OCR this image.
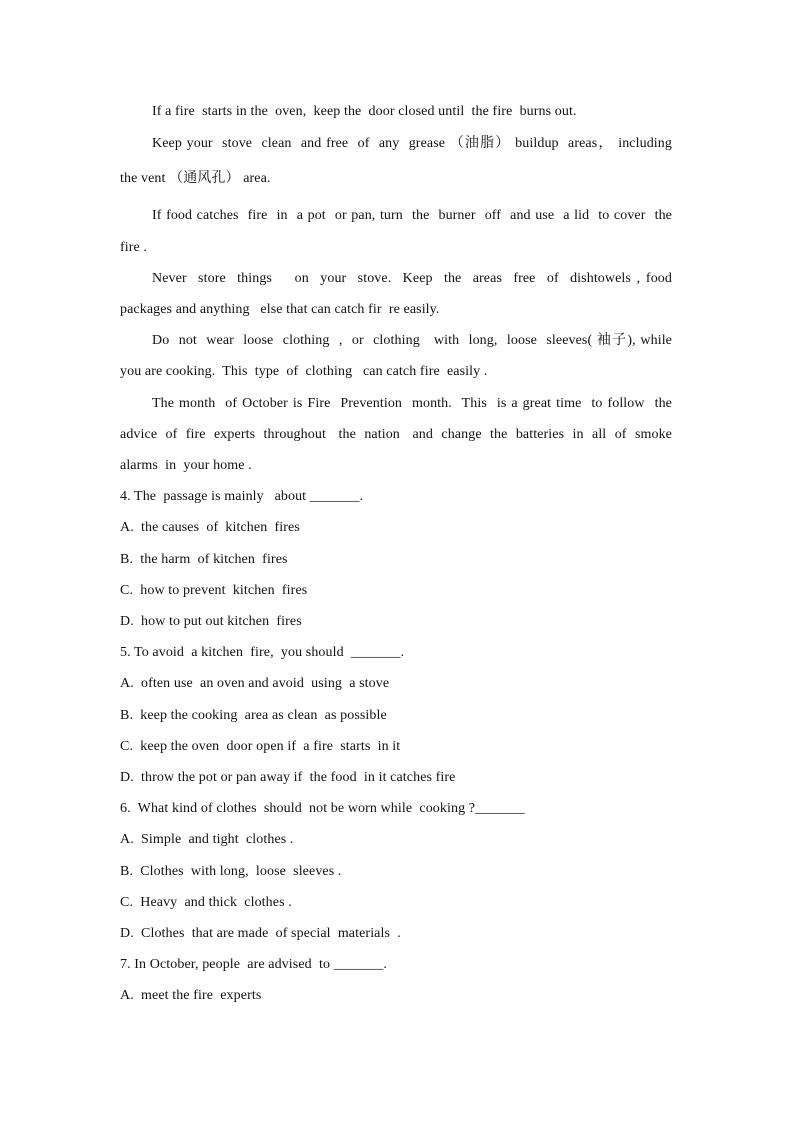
If a fire  starts in the  oven,  keep the  door closed until  the fire  burns out.
Keep your  stove  clean  and free  of  any  grease （油脂） buildup  areas， including
the vent （通风孔） area.
If food catches  fire  in  a pot  or pan, turn  the  burner  off  and use  a lid  to cover  the
fire .
Never  store  things    on  your  stove.  Keep  the  areas  free  of  dishtowels , food
packages and anything   else that can catch fir  re easily.
Do  not  wear  loose  clothing  ,  or  clothing   with  long,  loose  sleeves( 袖子), while
you are cooking.  This  type  of  clothing   can catch fire  easily .
The month  of October is Fire  Prevention  month.  This  is a great time  to follow  the
advice  of  fire  experts  throughout   the  nation   and  change  the  batteries  in  all  of  smoke
alarms  in  your home .
4. The  passage is mainly   about _______.
A.  the causes  of  kitchen  fires
B.  the harm  of kitchen  fires
C.  how to prevent  kitchen  fires
D.  how to put out kitchen  fires
5. To avoid  a kitchen  fire,  you should  _______.
A.  often use  an oven and avoid  using  a stove
B.  keep the cooking  area as clean  as possible
C.  keep the oven  door open if  a fire  starts  in it
D.  throw the pot or pan away if  the food  in it catches fire
6.  What kind of clothes  should  not be worn while  cooking ?_______
A.  Simple  and tight  clothes .
B.  Clothes  with long,  loose  sleeves .
C.  Heavy  and thick  clothes .
D.  Clothes  that are made  of special  materials  .
7. In October, people  are advised  to _______.
A.  meet the fire  experts
